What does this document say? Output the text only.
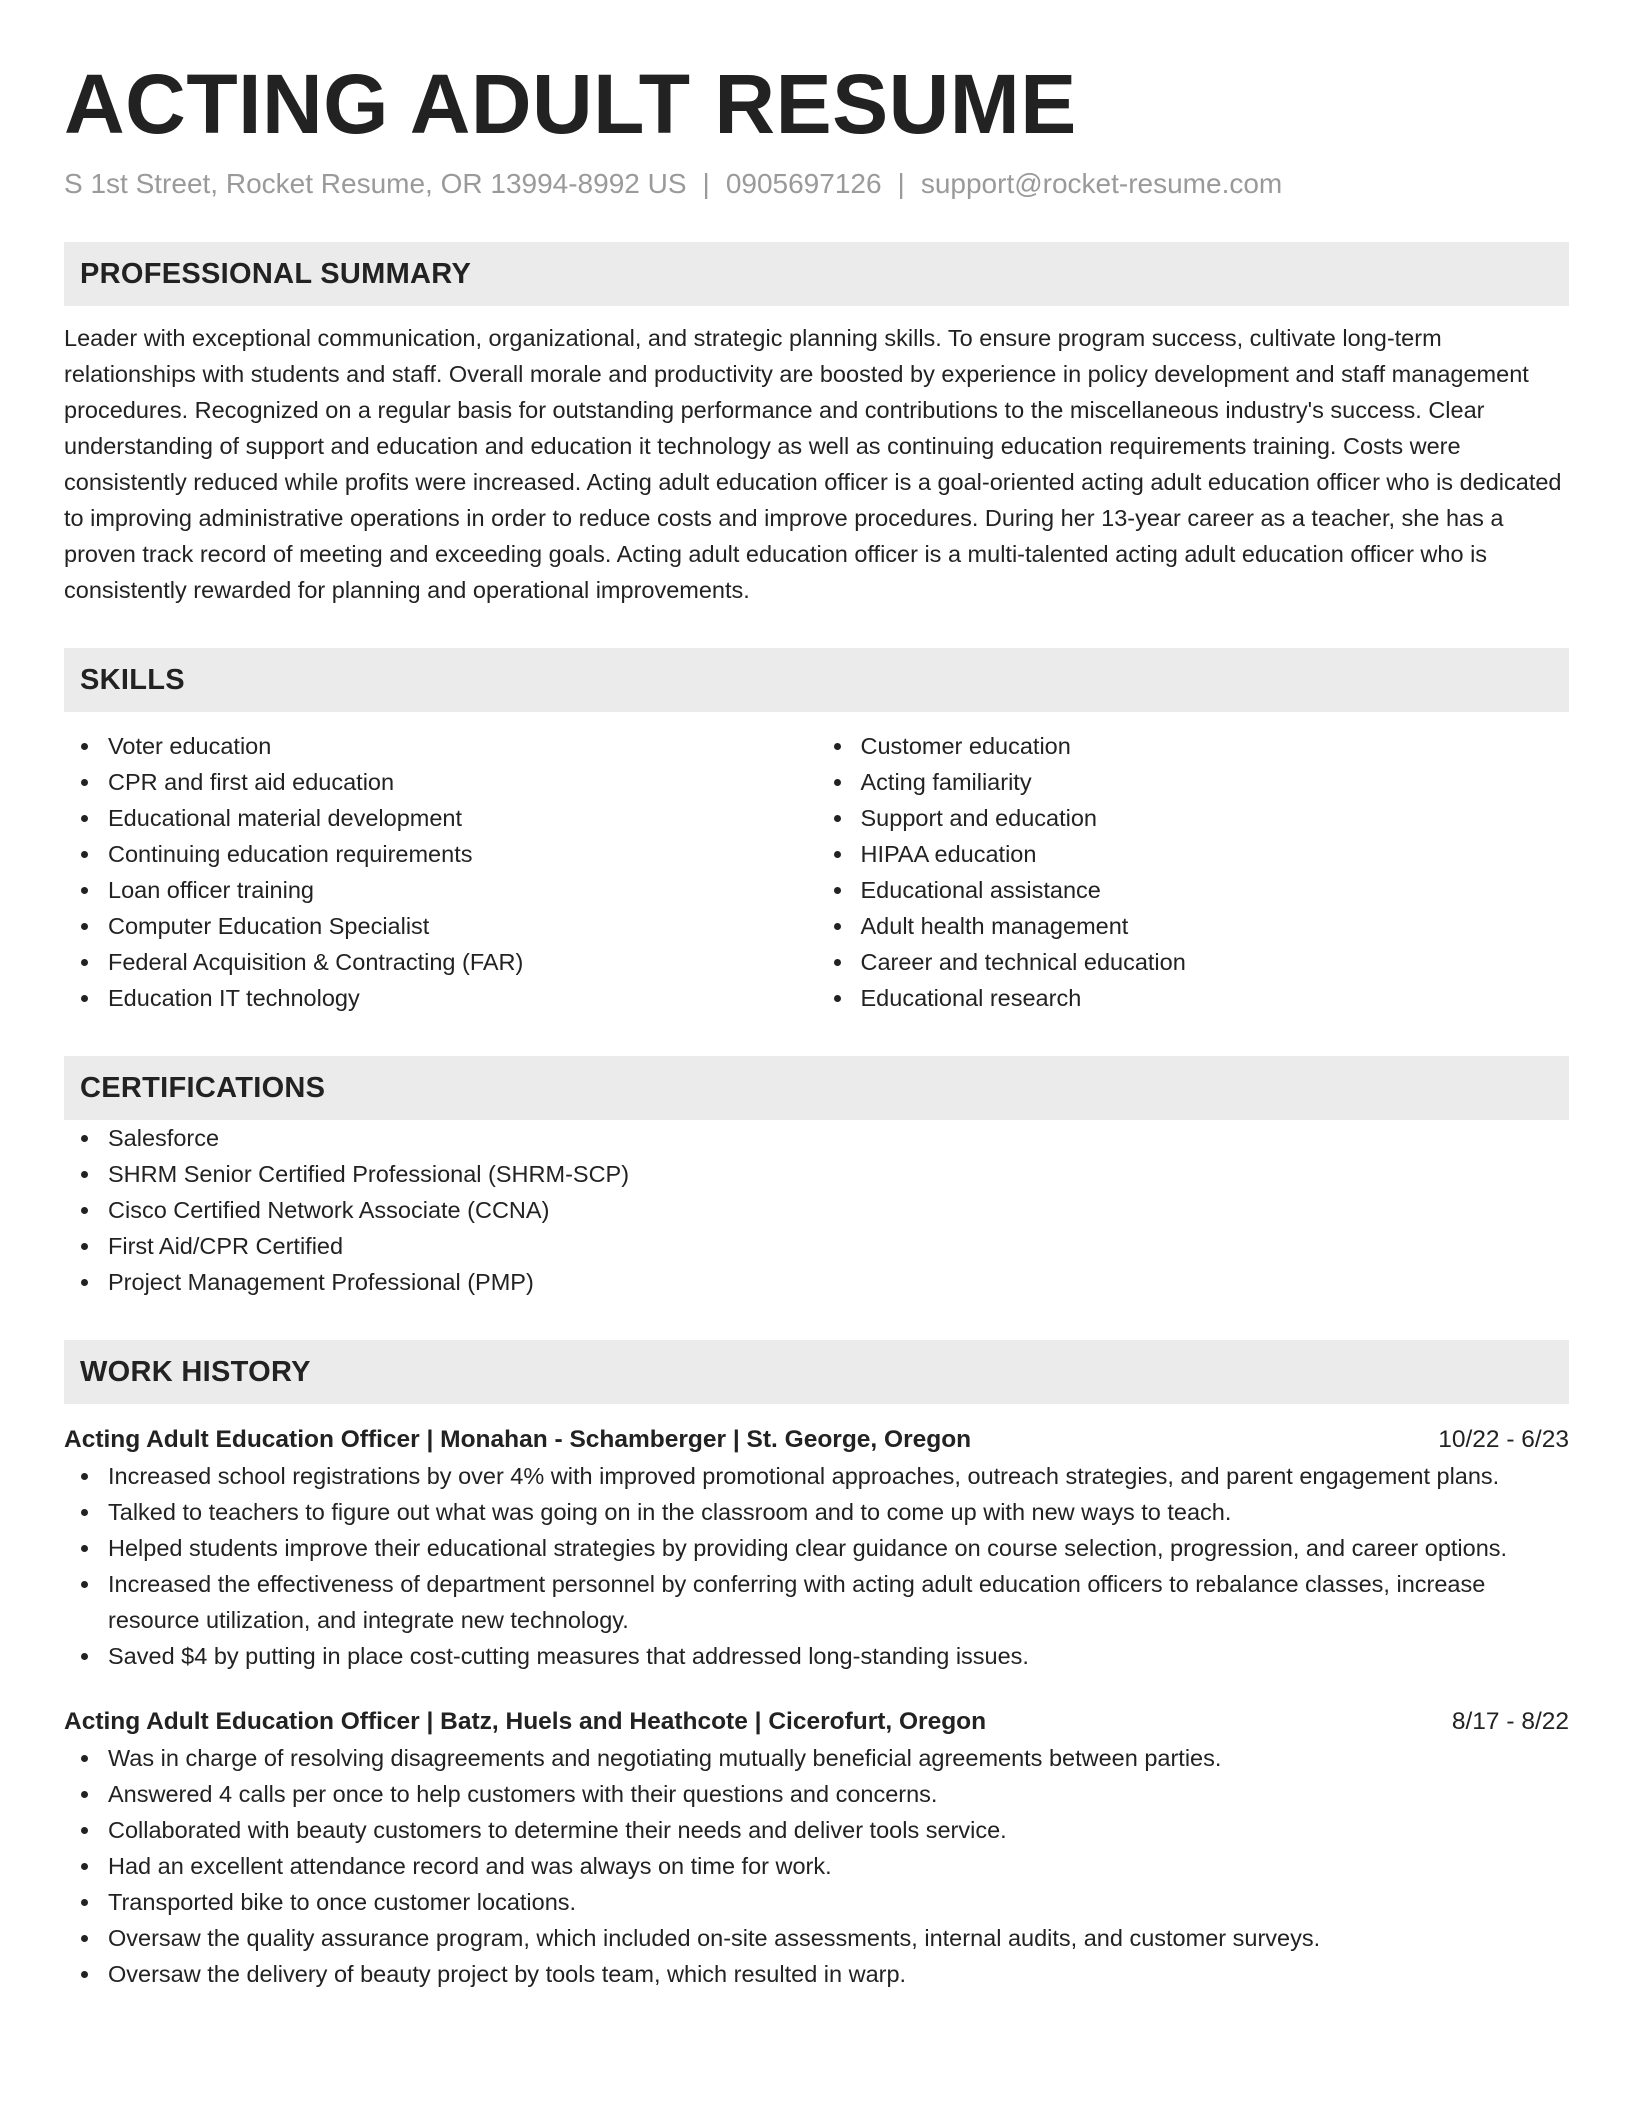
ACTING ADULT RESUME
S 1st Street, Rocket Resume, OR 13994-8992 US | 0905697126 | support@rocket-resume.com
PROFESSIONAL SUMMARY

Leader with exceptional communication, organizational, and strategic planning skills. To ensure program success, cultivate long-term relationships with students and staff. Overall morale and productivity are boosted by experience in policy development and staff management procedures. Recognized on a regular basis for outstanding performance and contributions to the miscellaneous industry's success. Clear understanding of support and education and education it technology as well as continuing education requirements training. Costs were consistently reduced while profits were increased. Acting adult education officer is a goal-oriented acting adult education officer who is dedicated to improving administrative operations in order to reduce costs and improve procedures. During her 13-year career as a teacher, she has a proven track record of meeting and exceeding goals. Acting adult education officer is a multi-talented acting adult education officer who is consistently rewarded for planning and operational improvements.

SKILLS
Voter education
CPR and first aid education
Educational material development
Continuing education requirements
Loan officer training
Computer Education Specialist
Federal Acquisition & Contracting (FAR)
Education IT technology
Customer education
Acting familiarity
Support and education
HIPAA education
Educational assistance
Adult health management
Career and technical education
Educational research
CERTIFICATIONS
Salesforce
SHRM Senior Certified Professional (SHRM-SCP)
Cisco Certified Network Associate (CCNA)
First Aid/CPR Certified
Project Management Professional (PMP)
WORK HISTORY
Acting Adult Education Officer | Monahan - Schamberger | St. George, Oregon	10/22 - 6/23
Increased school registrations by over 4% with improved promotional approaches, outreach strategies, and parent engagement plans.
Talked to teachers to figure out what was going on in the classroom and to come up with new ways to teach.
Helped students improve their educational strategies by providing clear guidance on course selection, progression, and career options.
Increased the effectiveness of department personnel by conferring with acting adult education officers to rebalance classes, increase resource utilization, and integrate new technology.
Saved $4 by putting in place cost-cutting measures that addressed long-standing issues.
Acting Adult Education Officer | Batz, Huels and Heathcote | Cicerofurt, Oregon	8/17 - 8/22
Was in charge of resolving disagreements and negotiating mutually beneficial agreements between parties.
Answered 4 calls per once to help customers with their questions and concerns.
Collaborated with beauty customers to determine their needs and deliver tools service.
Had an excellent attendance record and was always on time for work.
Transported bike to once customer locations.
Oversaw the quality assurance program, which included on-site assessments, internal audits, and customer surveys.
Oversaw the delivery of beauty project by tools team, which resulted in warp.
